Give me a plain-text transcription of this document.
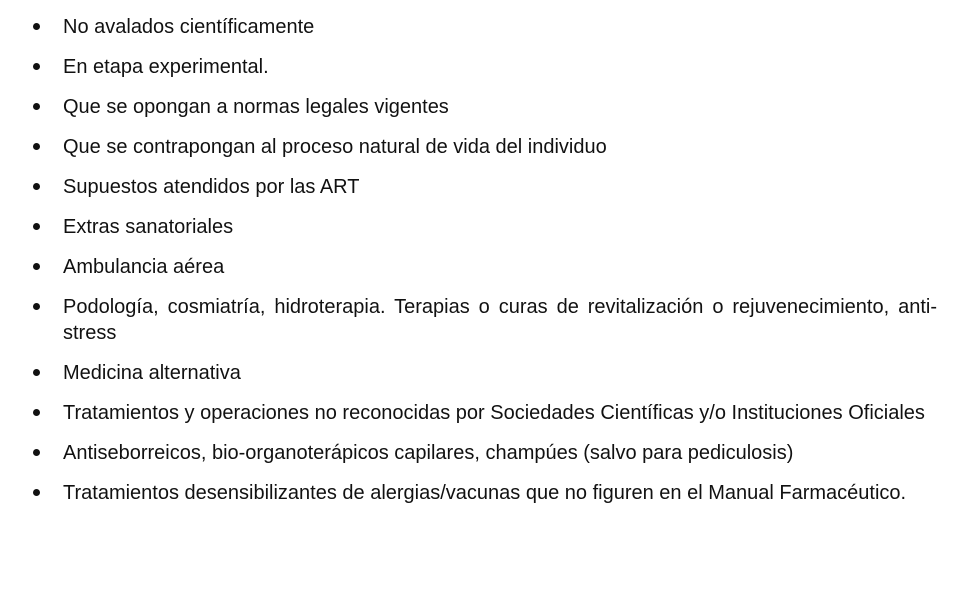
No avalados científicamente
En etapa experimental.
Que se opongan a normas legales vigentes
Que se contrapongan al proceso natural de vida del individuo
Supuestos atendidos por las ART
Extras sanatoriales
Ambulancia aérea
Podología, cosmiatría, hidroterapia. Terapias o curas de revitalización o rejuvenecimiento, anti-stress
Medicina alternativa
Tratamientos y operaciones no reconocidas por Sociedades Científicas y/o Instituciones Oficiales
Antiseborreicos, bio-organoterápicos capilares, champúes (salvo para pediculosis)
Tratamientos desensibilizantes de alergias/vacunas que no figuren en el Manual Farmacéutico.
